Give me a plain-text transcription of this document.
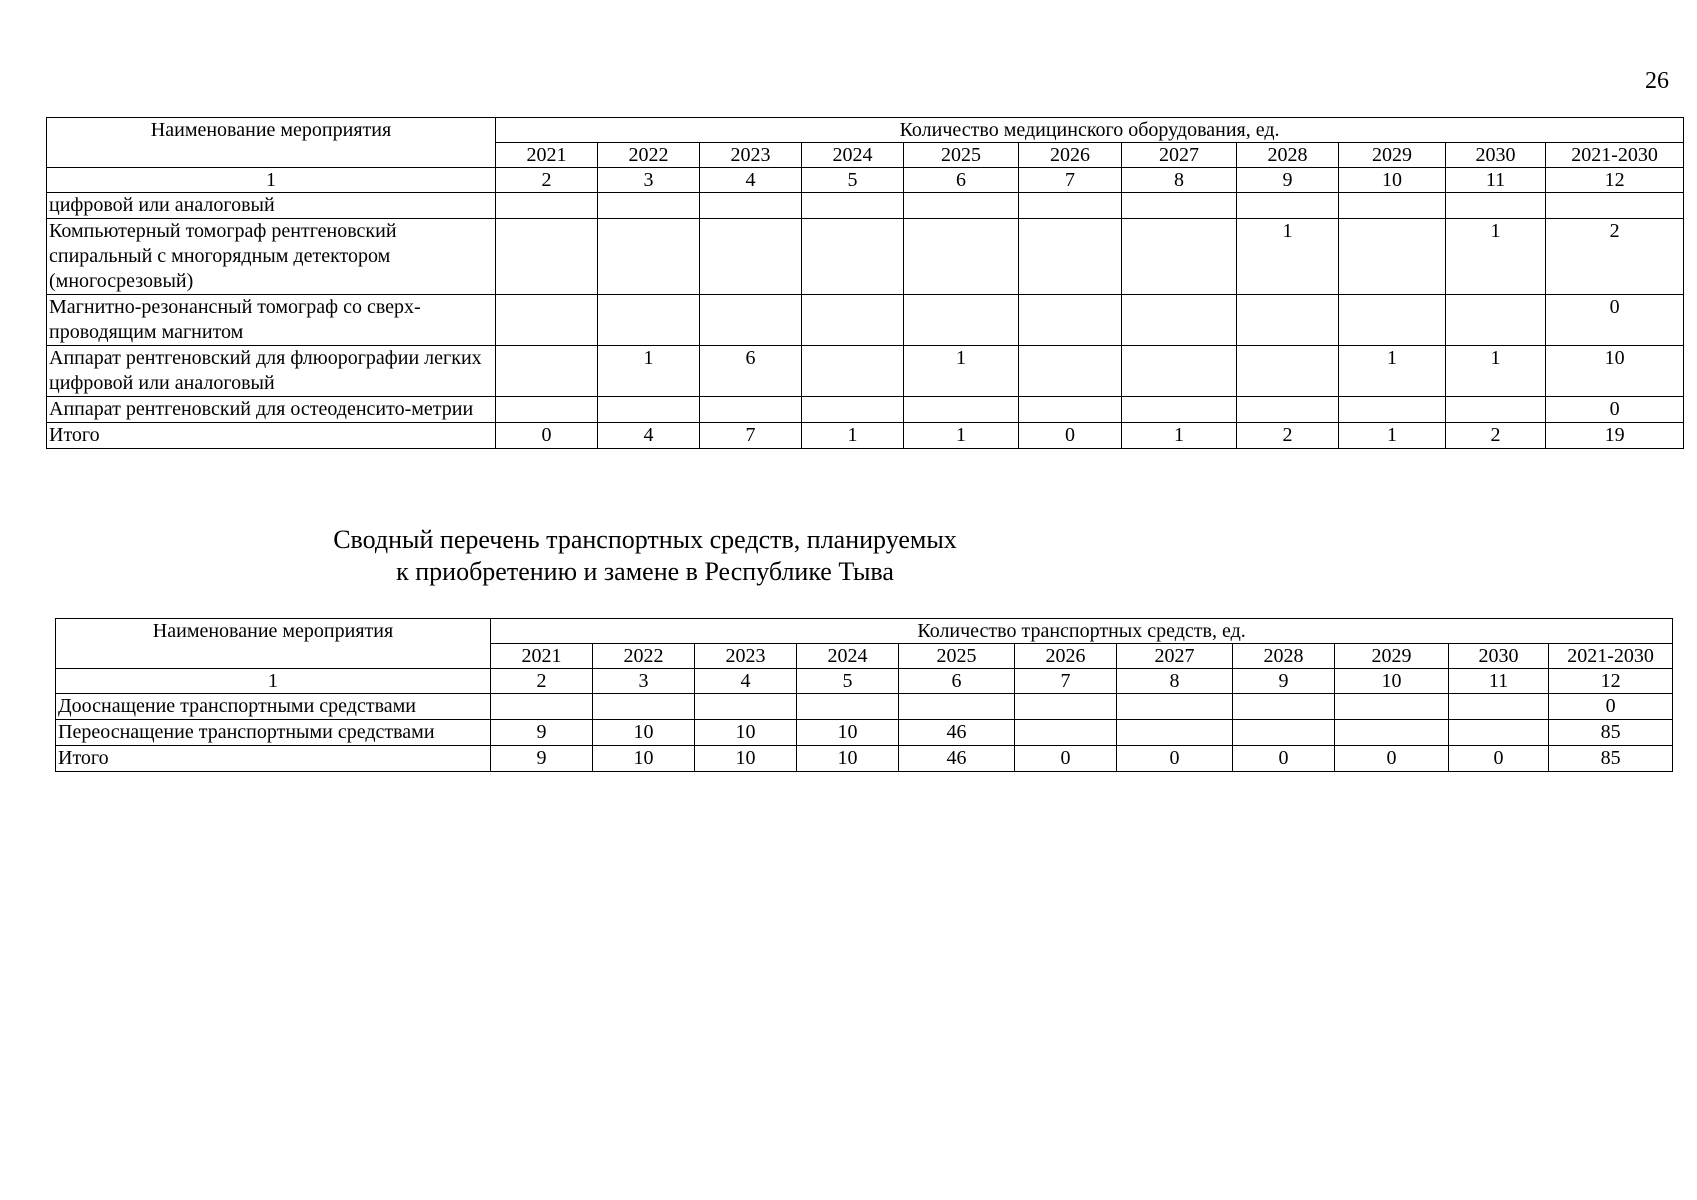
26
Наименование мероприятия	Количество медицинского оборудования, ед.										
	2021	2022	2023	2024	2025	2026	2027	2028	2029	2030	2021-2030
1	2	3	4	5	6	7	8	9	10	11	12
цифровой или аналоговый											
Компьютерный томограф рентгеновский спиральный с многорядным детектором (многосрезовый)								1		1	2
Магнитно-резонансный томограф со сверх-проводящим магнитом											0
Аппарат рентгеновский для флюорографии легких цифровой или аналоговый		1	6		1				1	1	10
Аппарат рентгеновский для остеоденсито-метрии											0
Итого	0	4	7	1	1	0	1	2	1	2	19
Сводный перечень транспортных средств, планируемых
к приобретению и замене в Республике Тыва
Наименование мероприятия	Количество транспортных средств, ед.										
	2021	2022	2023	2024	2025	2026	2027	2028	2029	2030	2021-2030
1	2	3	4	5	6	7	8	9	10	11	12
Дооснащение транспортными средствами											0
Переоснащение транспортными средствами	9	10	10	10	46						85
Итого	9	10	10	10	46	0	0	0	0	0	85
